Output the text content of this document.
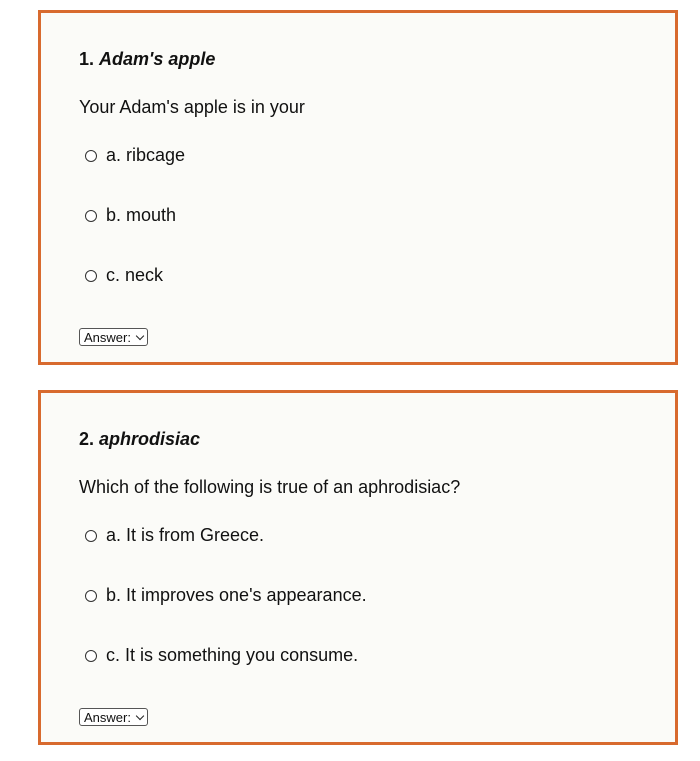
1. Adam's apple

Your Adam's apple is in your

a. ribcage
b. mouth
c. neck
Answer:
2. aphrodisiac

Which of the following is true of an aphrodisiac?

a. It is from Greece.
b. It improves one's appearance.
c. It is something you consume.
Answer:
